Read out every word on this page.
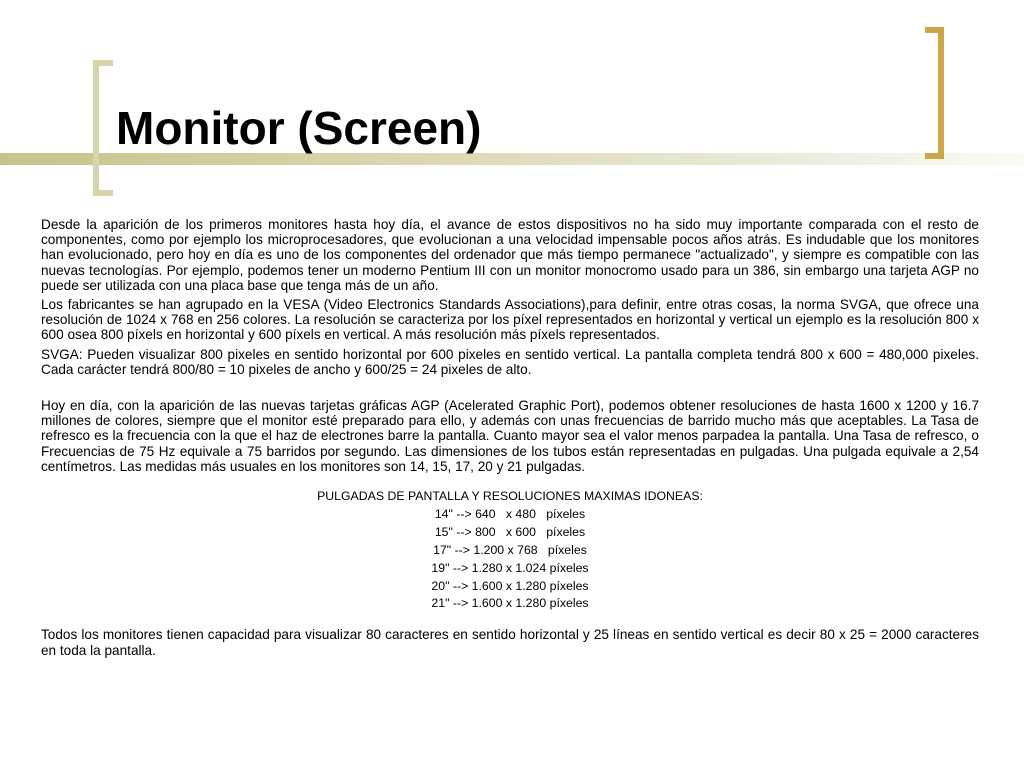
Monitor (Screen)

Desde la aparición de los primeros monitores hasta hoy día, el avance de estos dispositivos no ha sido muy importante comparada con el resto de componentes, como por ejemplo los microprocesadores, que evolucionan a una velocidad impensable pocos años atrás. Es indudable que los monitores han evolucionado, pero hoy en día es uno de los componentes del ordenador que más tiempo permanece "actualizado", y siempre es compatible con las nuevas tecnologías. Por ejemplo, podemos tener un moderno Pentium III con un monitor monocromo usado para un 386, sin embargo una tarjeta AGP no puede ser utilizada con una placa base que tenga más de un año.

Los fabricantes se han agrupado en la VESA (Video Electronics Standards Associations),para definir, entre otras cosas, la norma SVGA, que ofrece una resolución de 1024 x 768 en 256 colores. La resolución se caracteriza por los píxel representados en horizontal y vertical un ejemplo es la resolución 800 x 600 osea 800 píxels en horizontal y 600 píxels en vertical. A más resolución más píxels representados.

SVGA: Pueden visualizar 800 pixeles en sentido horizontal por 600 pixeles en sentido vertical. La pantalla completa tendrá 800 x 600 = 480,000 pixeles. Cada carácter tendrá 800/80 = 10 pixeles de ancho y 600/25 = 24 pixeles de alto.

Hoy en día, con la aparición de las nuevas tarjetas gráficas AGP (Acelerated Graphic Port), podemos obtener resoluciones de hasta 1600 x 1200 y 16.7 millones de colores, siempre que el monitor esté preparado para ello, y además con unas frecuencias de barrido mucho más que aceptables. La Tasa de refresco es la frecuencia con la que el haz de electrones barre la pantalla. Cuanto mayor sea el valor menos parpadea la pantalla. Una Tasa de refresco, o Frecuencias de 75 Hz equivale a 75 barridos por segundo. Las dimensiones de los tubos están representadas en pulgadas. Una pulgada equivale a 2,54 centímetros. Las medidas más usuales en los monitores son 14, 15, 17, 20 y 21 pulgadas.

PULGADAS DE PANTALLA Y RESOLUCIONES MAXIMAS IDONEAS:
14" --> 640   x 480   píxeles
15" --> 800   x 600   píxeles
17" --> 1.200 x 768   píxeles
19" --> 1.280 x 1.024 píxeles
20" --> 1.600 x 1.280 píxeles
21" --> 1.600 x 1.280 píxeles

Todos los monitores tienen capacidad para visualizar 80 caracteres en sentido horizontal y 25 líneas en sentido vertical es decir 80 x 25 = 2000 caracteres en toda la pantalla.
